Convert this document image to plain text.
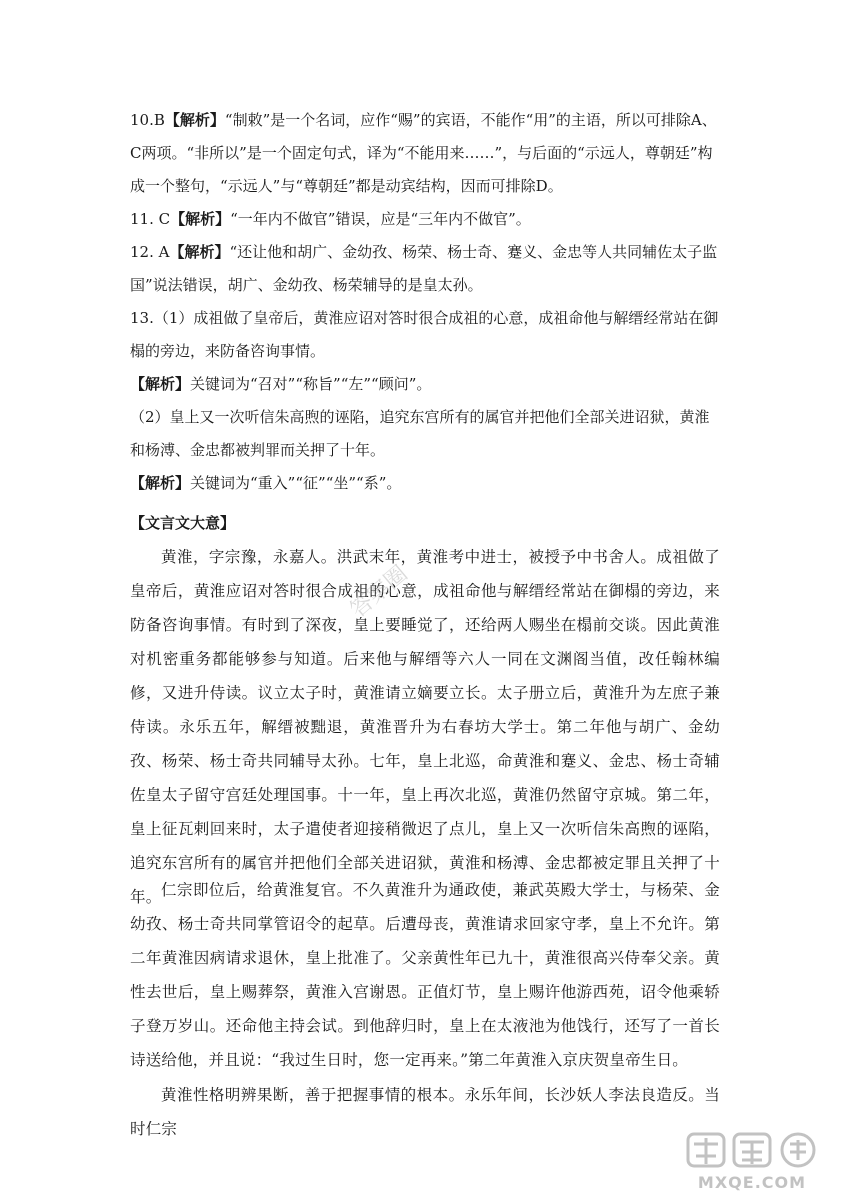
10.B【解析】“制敕”是一个名词，应作“赐”的宾语，不能作“用”的主语，所以可排除A、C两项。“非所以”是一个固定句式，译为“不能用来……”，与后面的“示远人，尊朝廷”构成一个整句，“示远人”与“尊朝廷”都是动宾结构，因而可排除D。

11. C【解析】“一年内不做官”错误，应是“三年内不做官”。

12. A【解析】“还让他和胡广、金幼孜、杨荣、杨士奇、蹇义、金忠等人共同辅佐太子监国”说法错误，胡广、金幼孜、杨荣辅导的是皇太孙。

13.（1）成祖做了皇帝后，黄淮应诏对答时很合成祖的心意，成祖命他与解缙经常站在御榻的旁边，来防备咨询事情。

【解析】关键词为“召对”“称旨”“左”“顾问”。

（2）皇上又一次听信朱高煦的诬陷，追究东宫所有的属官并把他们全部关进诏狱，黄淮和杨溥、金忠都被判罪而关押了十年。

【解析】关键词为“重入”“征”“坐”“系”。

【文言文大意】

黄淮，字宗豫，永嘉人。洪武末年，黄淮考中进士，被授予中书舍人。成祖做了皇帝后，黄淮应诏对答时很合成祖的心意，成祖命他与解缙经常站在御榻的旁边，来防备咨询事情。有时到了深夜，皇上要睡觉了，还给两人赐坐在榻前交谈。因此黄淮对机密重务都能够参与知道。后来他与解缙等六人一同在文渊阁当值，改任翰林编修，又进升侍读。议立太子时，黄淮请立嫡要立长。太子册立后，黄淮升为左庶子兼侍读。永乐五年，解缙被黜退，黄淮晋升为右春坊大学士。第二年他与胡广、金幼孜、杨荣、杨士奇共同辅导太孙。七年，皇上北巡，命黄淮和蹇义、金忠、杨士奇辅佐皇太子留守宫廷处理国事。十一年，皇上再次北巡，黄淮仍然留守京城。第二年，皇上征瓦剌回来时，太子遣使者迎接稍微迟了点儿，皇上又一次听信朱高煦的诬陷，追究东宫所有的属官并把他们全部关进诏狱，黄淮和杨溥、金忠都被定罪且关押了十年。 仁宗即位后，给黄淮复官。不久黄淮升为通政使，兼武英殿大学士，与杨荣、金幼孜、杨士奇共同掌管诏令的起草。后遭母丧，黄淮请求回家守孝，皇上不允许。第二年黄淮因病请求退休，皇上批准了。父亲黄性年已九十，黄淮很高兴侍奉父亲。黄性去世后，皇上赐葬祭，黄淮入宫谢恩。正值灯节，皇上赐许他游西苑，诏令他乘轿子登万岁山。还命他主持会试。到他辞归时，皇上在太液池为他饯行，还写了一首长诗送给他，并且说：“我过生日时，您一定再来。”第二年黄淮入京庆贺皇帝生日。

黄淮性格明辨果断，善于把握事情的根本。永乐年间，长沙妖人李法良造反。当时仁宗

答案圈
MXQE.COM
